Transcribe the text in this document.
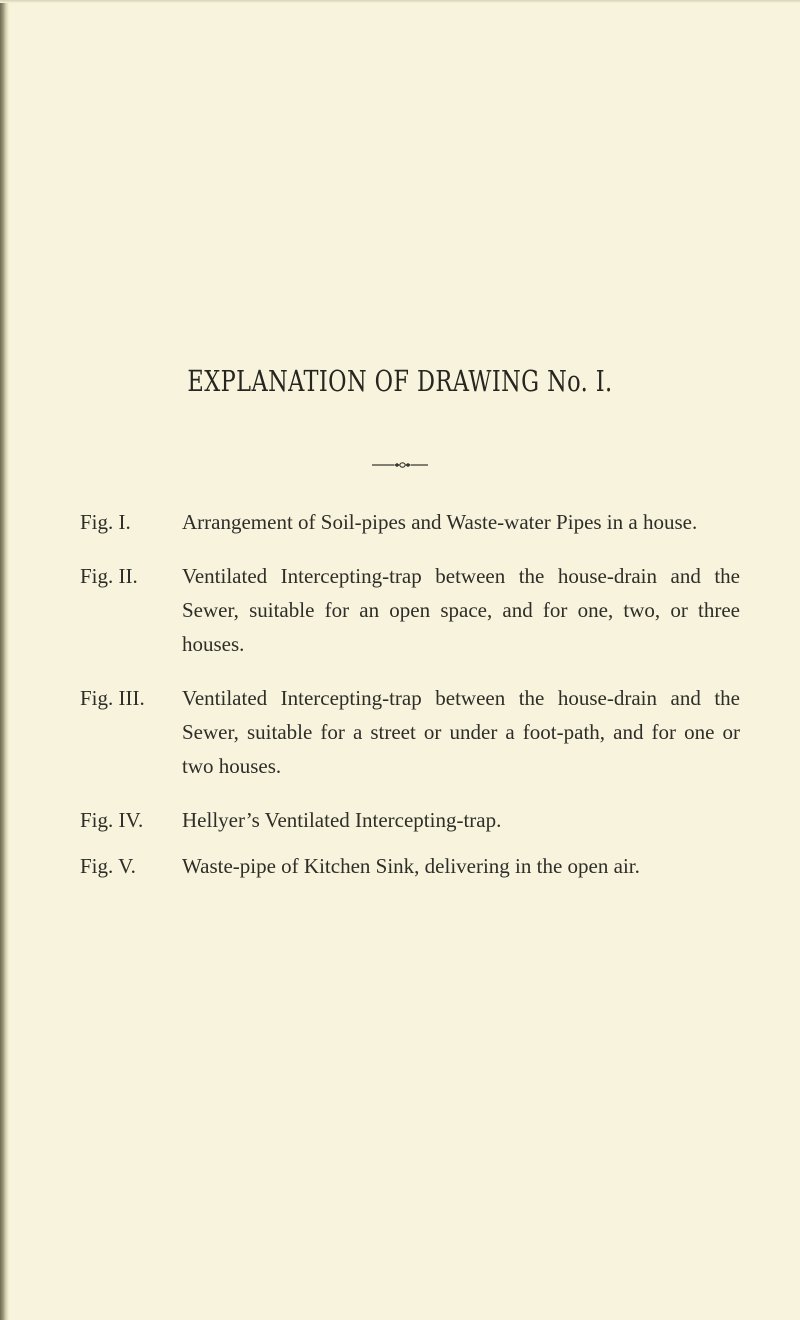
EXPLANATION OF DRAWING No. I.
Fig. I.	Arrangement of Soil-pipes and Waste-water Pipes in a house.
Fig. II.	Ventilated Intercepting-trap between the house-drain and the Sewer, suitable for an open space, and for one, two, or three houses.
Fig. III.	Ventilated Intercepting-trap between the house-drain and the Sewer, suitable for a street or under a foot-path, and for one or two houses.
Fig. IV.	Hellyer’s Ventilated Intercepting-trap.
Fig. V.	Waste-pipe of Kitchen Sink, delivering in the open air.
